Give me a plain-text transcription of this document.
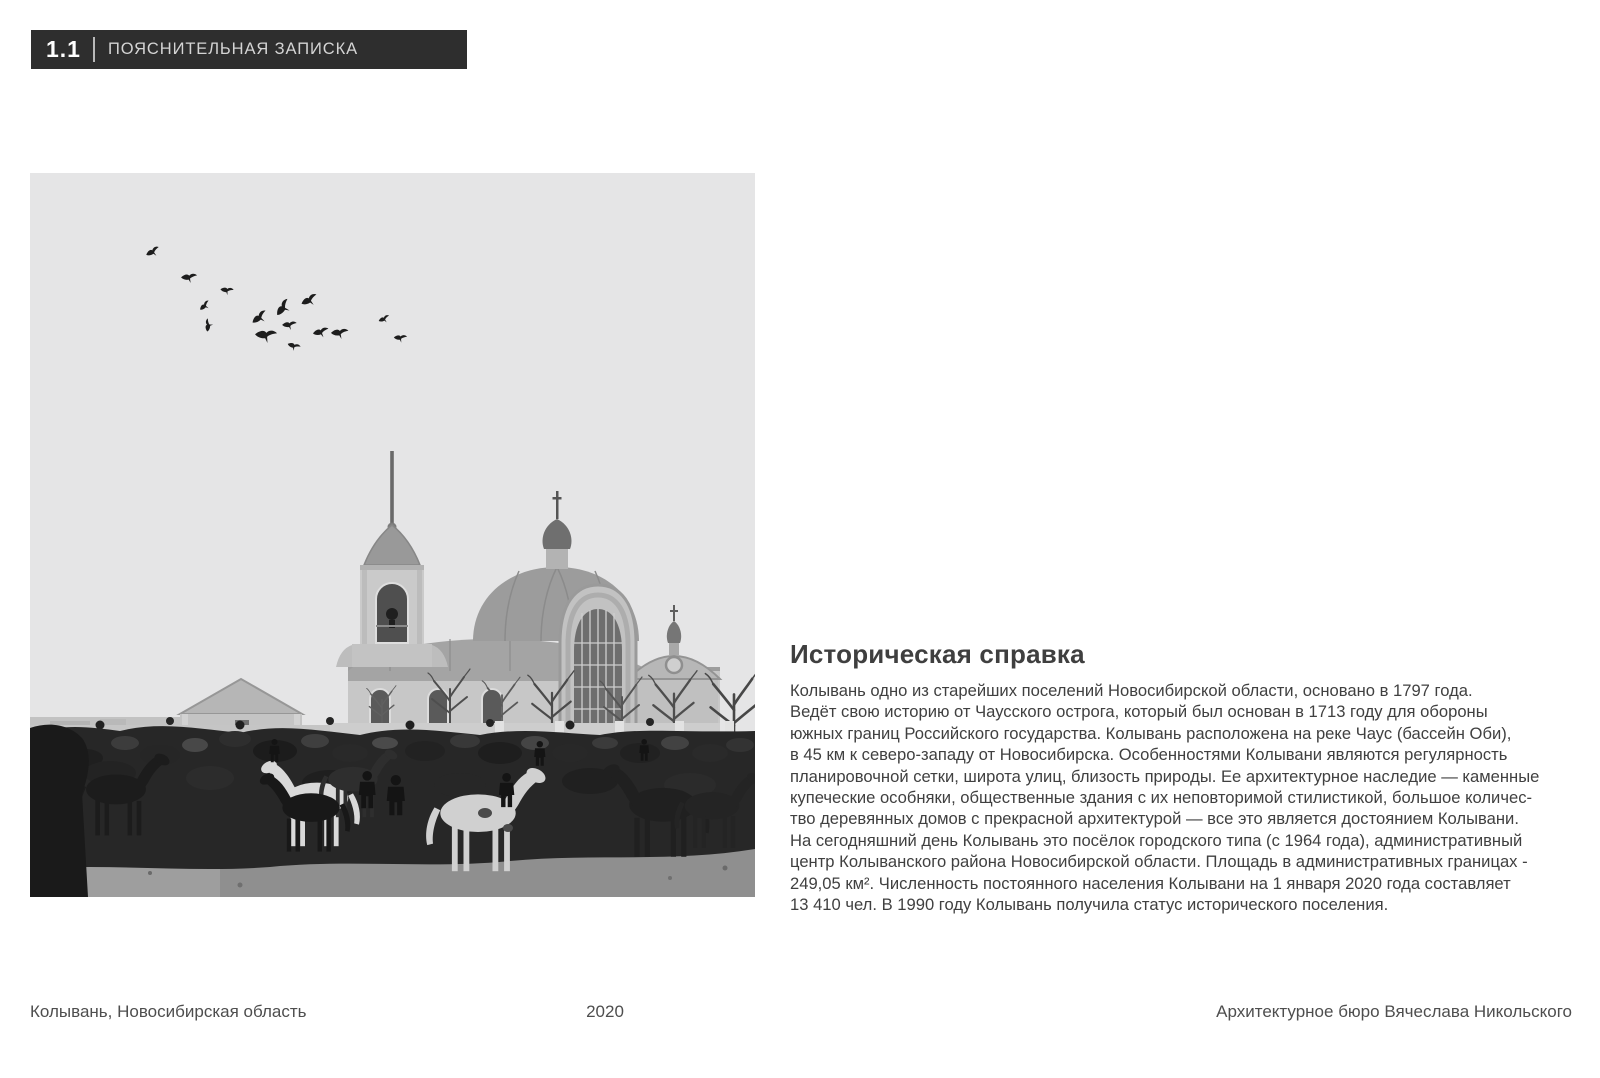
1.1 ПОЯСНИТЕЛЬНАЯ ЗАПИСКА
Историческая справка
Колывань одно из старейших поселений Новосибирской области, основано в 1797 года.
Ведёт свою историю от Чаусского острога, который был основан в 1713 году для обороны
южных границ Российского государства. Колывань расположена на реке Чаус (бассейн Оби),
в 45 км к северо-западу от Новосибирска. Особенностями Колывани являются регулярность
планировочной сетки, широта улиц, близость природы. Ее архитектурное наследие — каменные
купеческие особняки, общественные здания с их неповторимой стилистикой, большое количес-
тво деревянных домов с прекрасной архитектурой — все это является достоянием Колывани.
На сегодняшний день Колывань это посёлок городского типа (с 1964 года), административный
центр Колыванского района Новосибирской области. Площадь в административных границах -
249,05 км². Численность постоянного населения Колывани на 1 января 2020 года составляет
13 410 чел. В 1990 году Колывань получила статус исторического поселения.
Колывань, Новосибирская область	2020	Архитектурное бюро Вячеслава Никольского
